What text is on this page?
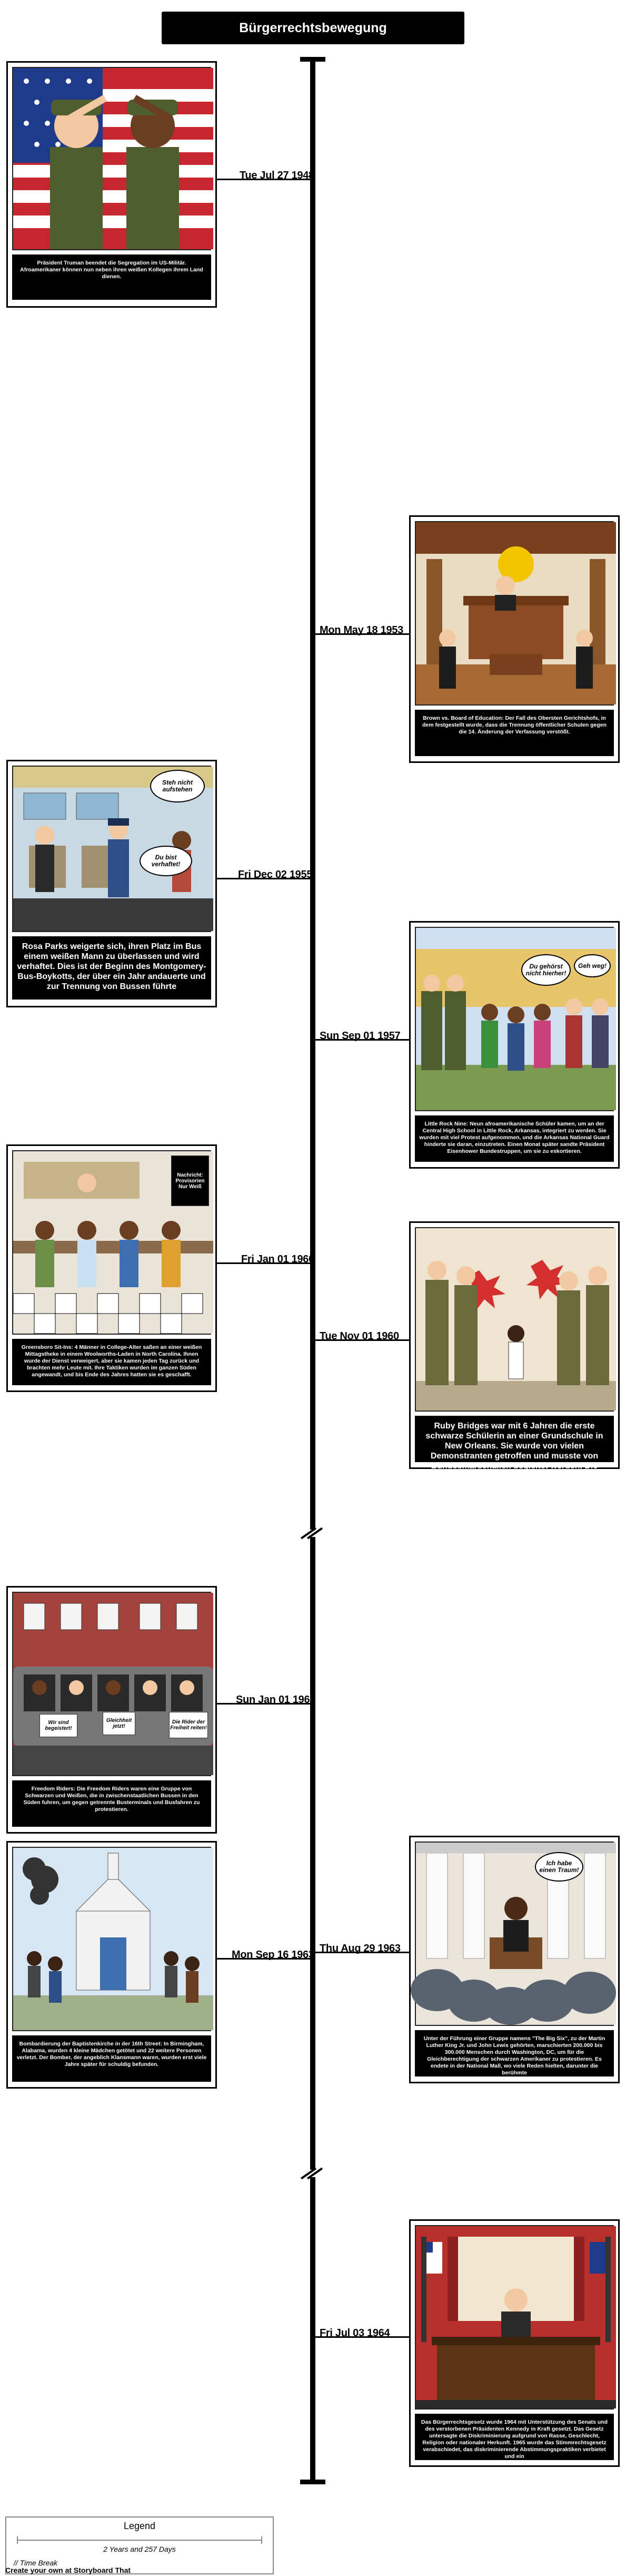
Bürgerrechtsbewegung
Tue Jul 27 1948
Präsident Truman beendet die Segregation im US-Militär. Afroamerikaner können nun neben ihren weißen Kollegen ihrem Land dienen.
Mon May 18 1953
Brown vs. Board of Education: Der Fall des Obersten Gerichtshofs, in dem festgestellt wurde, dass die Trennung öffentlicher Schulen gegen die 14. Änderung der Verfassung verstößt.
Fri Dec 02 1955
Steh nicht aufstehen
Du bist verhaftet!
Rosa Parks weigerte sich, ihren Platz im Bus einem weißen Mann zu überlassen und wird verhaftet. Dies ist der Beginn des Montgomery-Bus-Boykotts, der über ein Jahr andauerte und zur Trennung von Bussen führte
Sun Sep 01 1957
Du gehörst nicht hierher!
Geh weg!
Little Rock Nine: Neun afroamerikanische Schüler kamen, um an der Central High School in Little Rock, Arkansas, integriert zu werden. Sie wurden mit viel Protest aufgenommen, und die Arkansas National Guard hinderte sie daran, einzutreten. Einen Monat später sandte Präsident Eisenhower Bundestruppen, um sie zu eskortieren.
Fri Jan 01 1960
Nachricht: Provisorien Nur Weiß
Greensboro Sit-Ins: 4 Männer in College-Alter saßen an einer weißen Mittagstheke in einem Woolworths-Laden in North Carolina. Ihnen wurde der Dienst verweigert, aber sie kamen jeden Tag zurück und brachten mehr Leute mit. Ihre Taktiken wurden im ganzen Süden angewandt, und bis Ende des Jahres hatten sie es geschafft.
Tue Nov 01 1960
Ruby Bridges war mit 6 Jahren die erste schwarze Schülerin an einer Grundschule in New Orleans. Sie wurde von vielen Demonstranten getroffen und musste von Bundesmarschällen begleitet werden. Die Klassenzimmer waren immer noch getrennt, daher war Ruby die einzige Schülerin in ihrer ersten Klasse
Sun Jan 01 1961
Wir sind begeistert!
Gleichheit jetzt!
Die Rider der Freiheit reiten!
Freedom Riders: Die Freedom Riders waren eine Gruppe von Schwarzen und Weißen, die in zwischenstaatlichen Bussen in den Süden fuhren, um gegen getrennte Busterminals und Busfahren zu protestieren.
Mon Sep 16 1963
Bombardierung der Baptistenkirche in der 16th Street: In Birmingham, Alabama, wurden 4 kleine Mädchen getötet und 22 weitere Personen verletzt. Der Bomber, der angeblich Klansmann waren, wurden erst viele Jahre später für schuldig befunden.
Thu Aug 29 1963
Ich habe einen Traum!
Unter der Führung einer Gruppe namens "The Big Six", zu der Martin Luther King Jr. und John Lewis gehörten, marschierten 200.000 bis 300.000 Menschen durch Washington, DC, um für die Gleichberechtigung der schwarzen Amerikaner zu protestieren. Es endete in der National Mall, wo viele Reden hielten, darunter die berühmte
Fri Jul 03 1964
Das Bürgerrechtsgesetz wurde 1964 mit Unterstützung des Senats und des verstorbenen Präsidenten Kennedy in Kraft gesetzt. Das Gesetz untersagte die Diskriminierung aufgrund von Rasse, Geschlecht, Religion oder nationaler Herkunft. 1965 wurde das Stimmrechtsgesetz verabschiedet, das diskriminierende Abstimmungspraktiken verbietet und ein
Legend
2 Years and 257 Days
// Time Break
Create your own at Storyboard That
